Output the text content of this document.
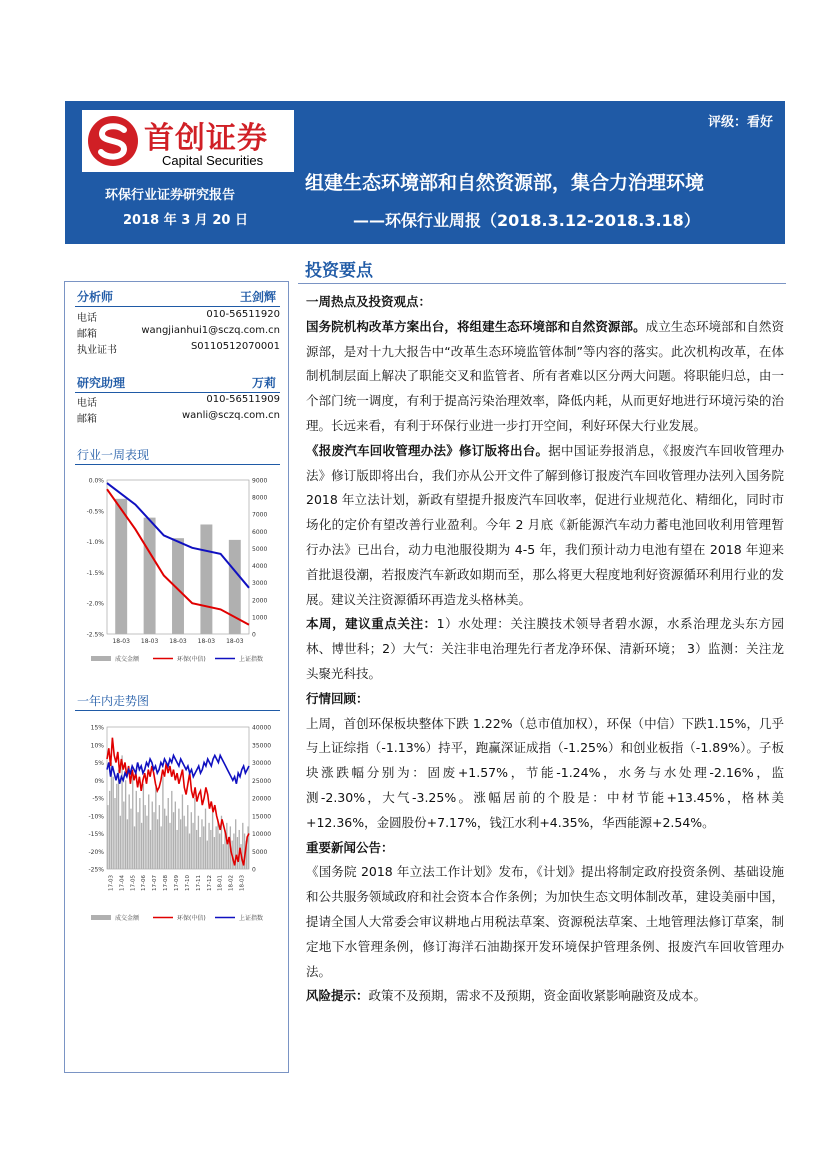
首创证券
Capital Securities
环保行业证券研究报告
2018 年 3 月 20 日
评级：看好
组建生态环境部和自然资源部，集合力治理环境
——环保行业周报（2018.3.12-2018.3.18）
分析师	王剑辉
电话	010-56511920
邮箱	wangjianhui1@sczq.com.cn
执业证书	S0110512070001
研究助理	万莉
电话	010-56511909
邮箱	wanli@sczq.com.cn
行业一周表现
0.0%
-0.5%
-1.0%
-1.5%
-2.0%
-2.5%
9000
8000
7000
6000
5000
4000
3000
2000
1000
0
18-03 18-03 18-03 18-03 18-03
成交金额	环保(中信)	上证指数
一年内走势图
15%
10%
5%
0%
-5%
-10%
-15%
-20%
-25%
40000
35000
30000
25000
20000
15000
10000
5000
0
17-03 17-04 17-05 17-06 17-07 17-08 17-09 17-10 17-11 17-12 18-01 18-02 18-03
成交金额	环保(中信)	上证指数
投资要点

一周热点及投资观点：

国务院机构改革方案出台，将组建生态环境部和自然资源部。成立生态环境部和自然资源部，是对十九大报告中“改革生态环境监管体制”等内容的落实。此次机构改革，在体制机制层面上解决了职能交叉和监管者、所有者难以区分两大问题。将职能归总，由一个部门统一调度，有利于提高污染治理效率，降低内耗，从而更好地进行环境污染的治理。长远来看，有利于环保行业进一步打开空间，利好环保大行业发展。

《报废汽车回收管理办法》修订版将出台。据中国证券报消息，《报废汽车回收管理办法》修订版即将出台，我们亦从公开文件了解到修订报废汽车回收管理办法列入国务院 2018 年立法计划，新政有望提升报废汽车回收率，促进行业规范化、精细化，同时市场化的定价有望改善行业盈利。今年 2 月底《新能源汽车动力蓄电池回收利用管理暂行办法》已出台，动力电池服役期为 4-5 年，我们预计动力电池有望在 2018 年迎来首批退役潮，若报废汽车新政如期而至，那么将更大程度地利好资源循环利用行业的发展。建议关注资源循环再造龙头格林美。

本周，建议重点关注：1）水处理：关注膜技术领导者碧水源，水系治理龙头东方园林、博世科；2）大气：关注非电治理先行者龙净环保、清新环境； 3）监测：关注龙头聚光科技。

行情回顾：

上周，首创环保板块整体下跌 1.22%（总市值加权），环保（中信）下跌1.15%，几乎与上证综指（-1.13%）持平，跑赢深证成指（-1.25%）和创业板指（-1.89%）。子板块涨跌幅分别为：固废+1.57%，节能-1.24%，水务与水处理-2.16%，监测-2.30%，大气-3.25%。涨幅居前的个股是：中材节能+13.45%，格林美+12.36%，金圆股份+7.17%，钱江水利+4.35%，华西能源+2.54%。

重要新闻公告：

《国务院 2018 年立法工作计划》发布，《计划》提出将制定政府投资条例、基础设施和公共服务领域政府和社会资本合作条例；为加快生态文明体制改革，建设美丽中国，提请全国人大常委会审议耕地占用税法草案、资源税法草案、土地管理法修订草案，制定地下水管理条例，修订海洋石油勘探开发环境保护管理条例、报废汽车回收管理办法。

风险提示：政策不及预期，需求不及预期，资金面收紧影响融资及成本。
